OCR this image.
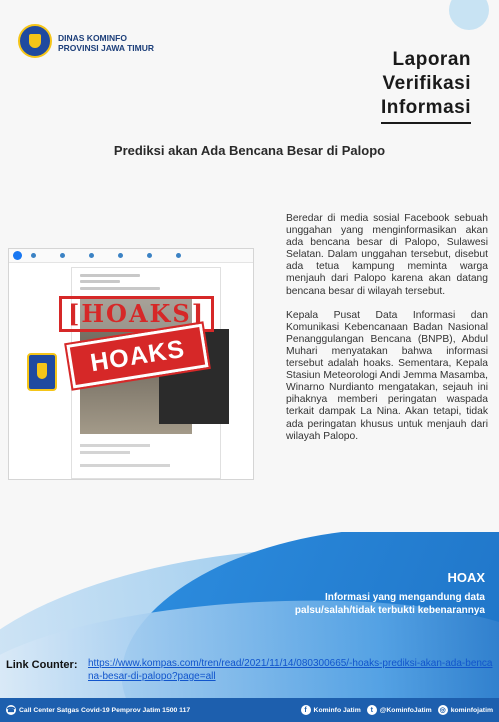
DINAS KOMINFO
PROVINSI JAWA TIMUR
Laporan
Verifikasi
Informasi
Prediksi akan Ada Bencana Besar di Palopo
[HOAKS]
HOAKS

Beredar di media sosial Facebook sebuah unggahan yang menginformasikan akan ada bencana besar di Palopo, Sulawesi Selatan. Dalam unggahan tersebut, disebut ada tetua kampung meminta warga menjauh dari Palopo karena akan datang bencana besar di wilayah tersebut.

Kepala Pusat Data Informasi dan Komunikasi Kebencanaan Badan Nasional Penanggulangan Bencana (BNPB), Abdul Muhari menyatakan bahwa informasi tersebut adalah hoaks. Sementara, Kepala Stasiun Meteorologi Andi Jemma Masamba, Winarno Nurdianto mengatakan, sejauh ini pihaknya memberi peringatan waspada terkait dampak La Nina. Akan tetapi, tidak ada peringatan khusus untuk menjauh dari wilayah Palopo.

HOAX
Informasi yang mengandung data palsu/salah/tidak terbukti kebenarannya
Link Counter: https://www.kompas.com/tren/read/2021/11/14/080300665/-hoaks-prediksi-akan-ada-bencana-besar-di-palopo?page=all
☎ Call Center Satgas Covid-19 Pemprov Jatim 1500 117	f	Kominfo Jatim	t	@KominfoJatim ◎ kominfojatim
